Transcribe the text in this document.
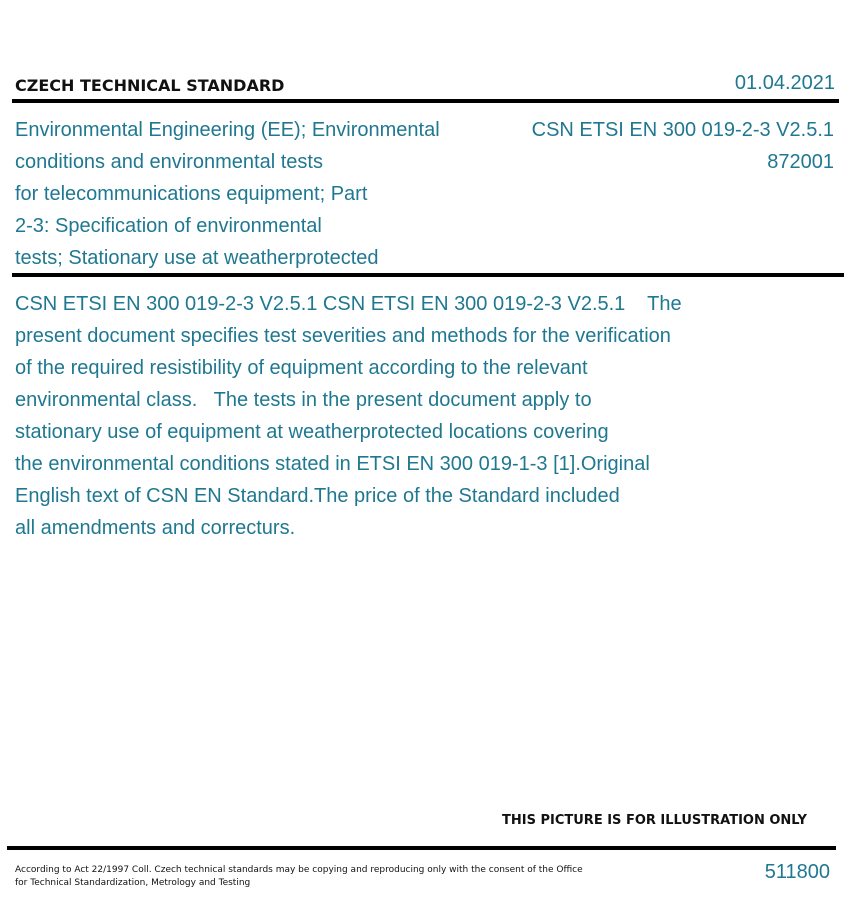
CZECH TECHNICAL STANDARD	01.04.2021
Environmental Engineering (EE); Environmental
conditions and environmental tests
for telecommunications equipment; Part
2-3: Specification of environmental
tests; Stationary use at weatherprotected
CSN ETSI EN 300 019-2-3 V2.5.1
872001
CSN ETSI EN 300 019-2-3 V2.5.1 CSN ETSI EN 300 019-2-3 V2.5.1    The
present document specifies test severities and methods for the verification
of the required resistibility of equipment according to the relevant
environmental class.   The tests in the present document apply to
stationary use of equipment at weatherprotected locations covering
the environmental conditions stated in ETSI EN 300 019-1-3 [1].Original
English text of CSN EN Standard.The price of the Standard included
all amendments and correcturs.
THIS PICTURE IS FOR ILLUSTRATION ONLY
According to Act 22/1997 Coll. Czech technical standards may be copying and reproducing only with the consent of the Office
for Technical Standardization, Metrology and Testing	511800
